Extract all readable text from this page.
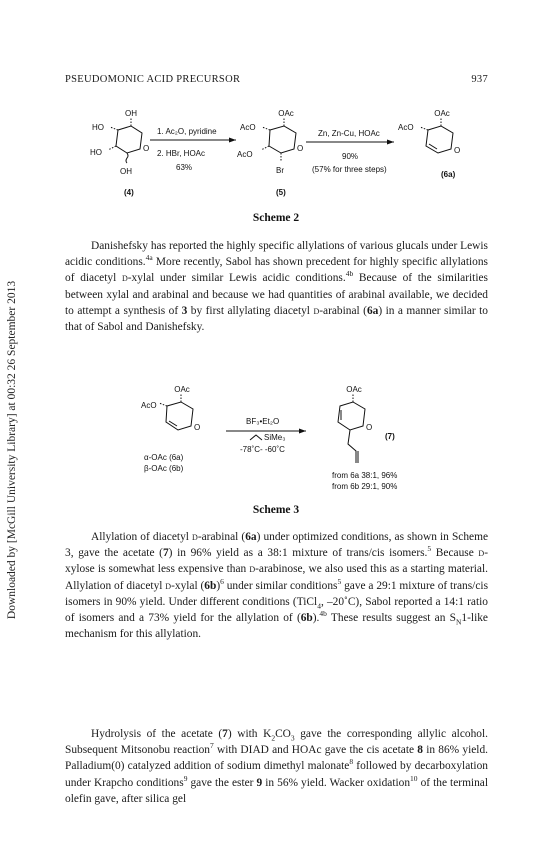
Downloaded by [McGill University Library] at 00:32 26 September 2013
PSEUDOMONIC ACID PRECURSOR	937
OH
HO
HO	O
OH
(4)
1. Ac₂O, pyridine
2. HBr, HOAc
63%
OAc
AcO
AcO
O
Br
(5)
Zn, Zn-Cu, HOAc
90%
(57% for three steps)
OAc
AcO
O
(6a)
Scheme 2

Danishefsky has reported the highly specific allylations of various glucals under Lewis acidic conditions.$^{4a}$ More recently, Sabol has shown precedent for highly specific allylations of diacetyl d-xylal under similar Lewis acidic conditions.$^{4b}$ Because of the similarities between xylal and arabinal and because we had quantities of arabinal available, we decided to attempt a synthesis of 3 by first allylating diacetyl d-arabinal (6a) in a manner similar to that of Sabol and Danishefsky.

OAc
AcO
O
α-OAc (6a)
β-OAc (6b)
BF₃•Et₂O
SiMe₃
-78˚C- -60˚C
OAc
O
(7)
from 6a 38:1, 96%
from 6b 29:1, 90%
Scheme 3

Allylation of diacetyl d-arabinal (6a) under optimized conditions, as shown in Scheme 3, gave the acetate (7) in 96% yield as a 38:1 mixture of trans/cis isomers.$^5$ Because d-xylose is somewhat less expensive than d-arabinose, we also used this as a starting material. Allylation of diacetyl d-xylal $(6b)^6$ under similar conditions$^5$ gave a 29:1 mixture of trans/cis isomers in 90% yield. Under different conditions (TiCl$_4$, –20˚C), Sabol reported a 14:1 ratio of isomers and a 73% yield for the allylation of (6b).$^{4b}$ These results suggest an $S_N1$-like mechanism for this allylation.

Hydrolysis of the acetate (7) with $K_2CO_3$ gave the corresponding allylic alcohol. Subsequent Mitsonobu reaction$^7$ with DIAD and HOAc gave the cis acetate 8 in 86% yield. Palladium(0) catalyzed addition of sodium dimethyl malonate$^8$ followed by decarboxylation under Krapcho conditions$^9$ gave the ester 9 in 56% yield. Wacker oxidation$^{10}$ of the terminal olefin gave, after silica gel
